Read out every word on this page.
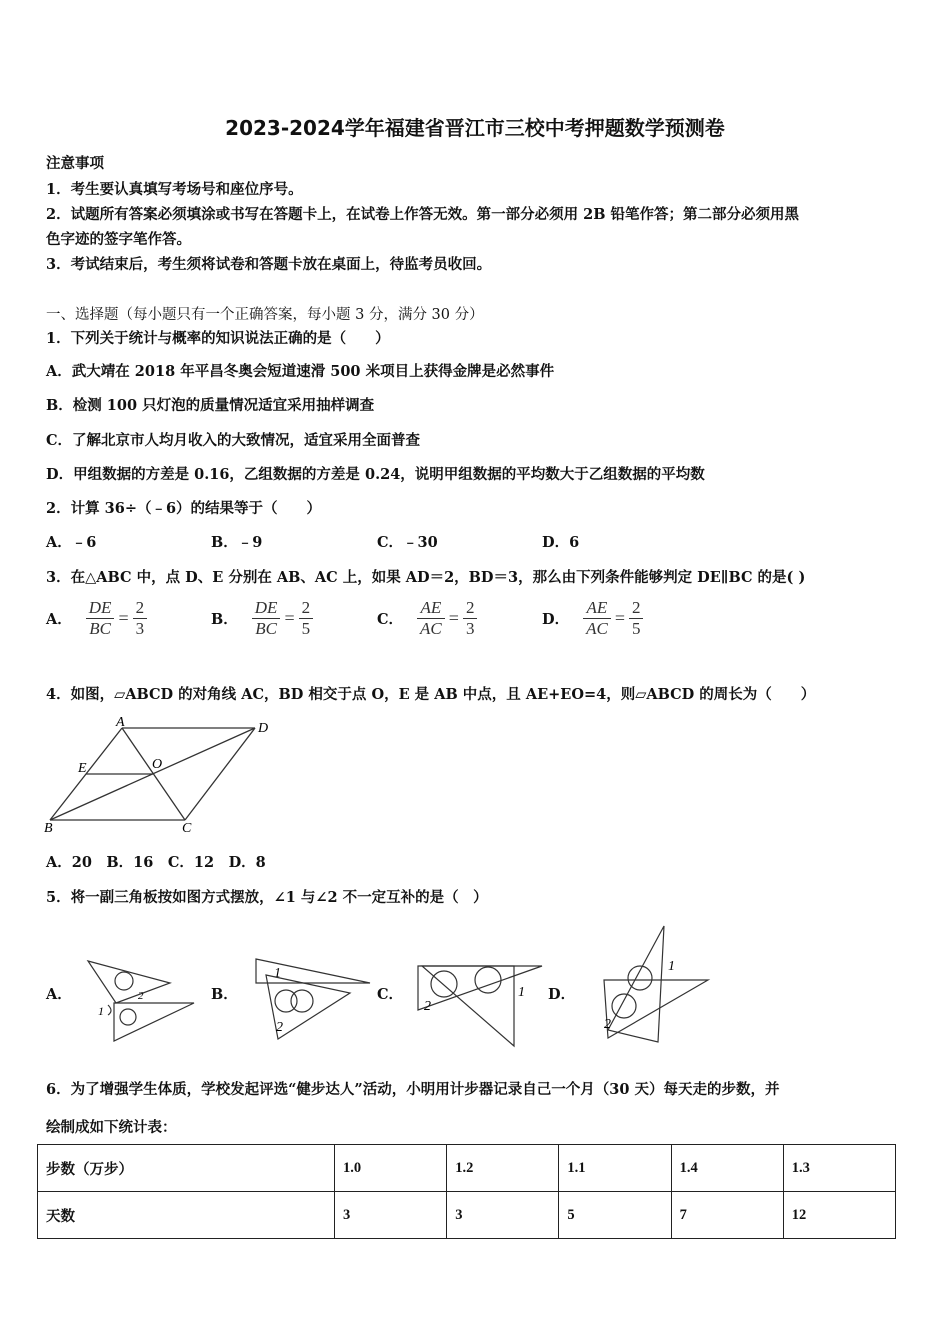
2023-2024学年福建省晋江市三校中考押题数学预测卷
注意事项
1．考生要认真填写考场号和座位序号。
2．试题所有答案必须填涂或书写在答题卡上，在试卷上作答无效。第一部分必须用 2B 铅笔作答；第二部分必须用黑
色字迹的签字笔作答。
3．考试结束后，考生须将试卷和答题卡放在桌面上，待监考员收回。
一、选择题（每小题只有一个正确答案，每小题 3 分，满分 30 分）
1．下列关于统计与概率的知识说法正确的是（　　）
A．武大靖在 2018 年平昌冬奥会短道速滑 500 米项目上获得金牌是必然事件
B．检测 100 只灯泡的质量情况适宜采用抽样调查
C．了解北京市人均月收入的大致情况，适宜采用全面普查
D．甲组数据的方差是 0.16，乙组数据的方差是 0.24，说明甲组数据的平均数大于乙组数据的平均数
2．计算 36÷（﹣6）的结果等于（　　）
A．﹣6	B．﹣9	C．﹣30	D．6
3．在△ABC 中，点 D、E 分别在 AB、AC 上，如果 AD＝2，BD＝3，那么由下列条件能够判定 DE∥BC 的是( )
A． $\frac{DE}{BC} = \frac{2}{3}$	B． $\frac{DE}{BC} = \frac{2}{5}$	C． $\frac{AE}{AC} = \frac{2}{3}$	D． $\frac{AE}{AC} = \frac{2}{5}$
4．如图，▱ABCD 的对角线 AC，BD 相交于点 O，E 是 AB 中点，且 AE+EO=4，则▱ABCD 的周长为（　　）
A	D
E	O
B	C
A．20　B．16　C．12　D．8
5．将一副三角板按如图方式摆放，∠1 与∠2 不一定互补的是（　）
A．
1
2	B．
1
2
C．	1
2
D．
1
2
6．为了增强学生体质，学校发起评选“健步达人”活动，小明用计步器记录自己一个月（30 天）每天走的步数，并
绘制成如下统计表：
步数（万步）	1.0	1.2	1.1	1.4	1.3
天数	3	3	5	7	12
